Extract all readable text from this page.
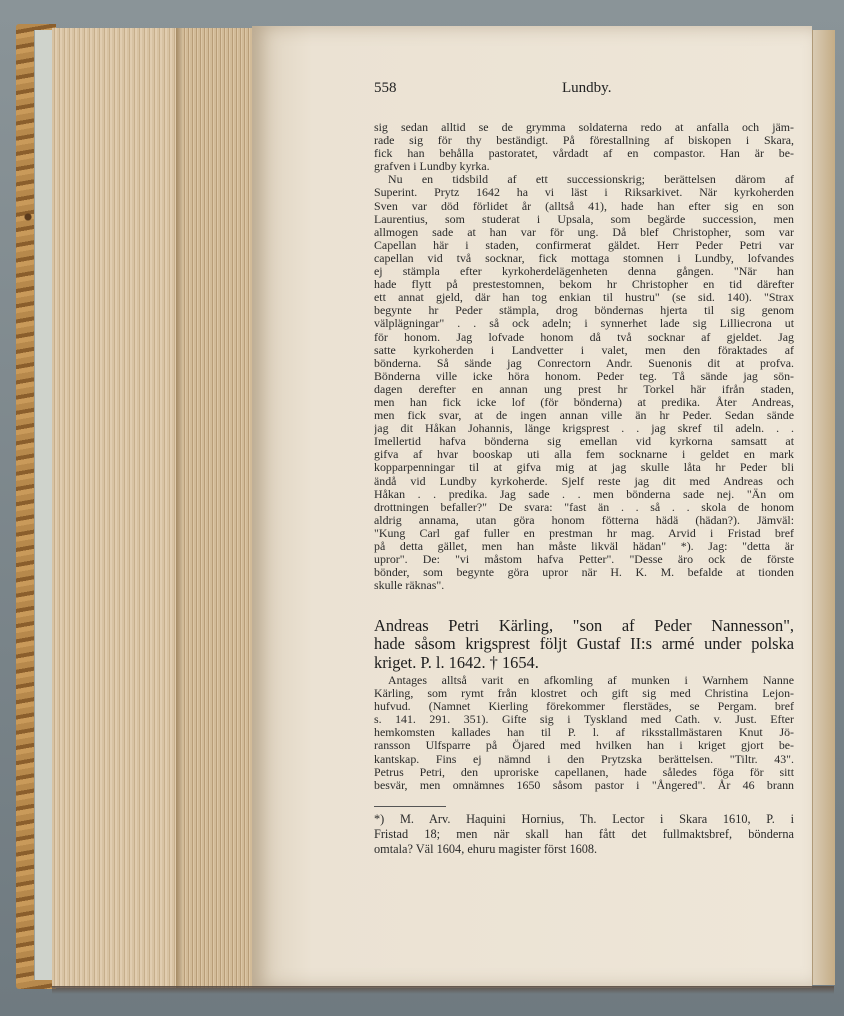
558	Lundby.
sig sedan alltid se de grymma soldaterna redo at anfalla och jäm-
rade sig för thy beständigt. På förestallning af biskopen i Skara,
fick han behålla pastoratet, vårdadt af en compastor. Han är be-
grafven i Lundby kyrka.
Nu en tidsbild af ett successionskrig; berättelsen därom af
Superint. Prytz 1642 ha vi läst i Riksarkivet. När kyrkoherden
Sven var död förlidet år (alltså 41), hade han efter sig en son
Laurentius, som studerat i Upsala, som begärde succession, men
allmogen sade at han var för ung. Då blef Christopher, som var
Capellan här i staden, confirmerat gäldet. Herr Peder Petri var
capellan vid två socknar, fick mottaga stomnen i Lundby, lofvandes
ej stämpla efter kyrkoherdelägenheten denna gången. "När han
hade flytt på prestestomnen, bekom hr Christopher en tid därefter
ett annat gjeld, där han tog enkian til hustru" (se sid. 140). "Strax
begynte hr Peder stämpla, drog böndernas hjerta til sig genom
välplägningar" . . så ock adeln; i synnerhet lade sig Lilliecrona ut
för honom. Jag lofvade honom då två socknar af gjeldet. Jag
satte kyrkoherden i Landvetter i valet, men den föraktades af
bönderna. Så sände jag Conrectorn Andr. Suenonis dit at profva.
Bönderna ville icke höra honom. Peder teg. Tå sände jag sön-
dagen derefter en annan ung prest hr Torkel här ifrån staden,
men han fick icke lof (för bönderna) at predika. Åter Andreas,
men fick svar, at de ingen annan ville än hr Peder. Sedan sände
jag dit Håkan Johannis, länge krigsprest . . jag skref til adeln. . .
Imellertid hafva bönderna sig emellan vid kyrkorna samsatt at
gifva af hvar booskap uti alla fem socknarne i geldet en mark
kopparpenningar til at gifva mig at jag skulle låta hr Peder bli
ändå vid Lundby kyrkoherde. Sjelf reste jag dit med Andreas och
Håkan . . predika. Jag sade . . men bönderna sade nej. "Än om
drottningen befaller?" De svara: "fast än . . så . . skola de honom
aldrig annama, utan göra honom fötterna hädä (hädan?). Jämväl:
"Kung Carl gaf fuller en prestman hr mag. Arvid i Fristad bref
på detta gället, men han måste likväl hädan" *). Jag: "detta är
upror". De: "vi måstom hafva Petter". "Desse äro ock de förste
bönder, som begynte göra upror när H. K. M. befalde at tionden
skulle räknas".
Andreas Petri Kärling, "son af Peder Nannesson",
hade såsom krigsprest följt Gustaf II:s armé under polska
kriget. P. l. 1642. † 1654.
Antages alltså varit en afkomling af munken i Warnhem Nanne
Kärling, som rymt från klostret och gift sig med Christina Lejon-
hufvud. (Namnet Kierling förekommer flerstädes, se Pergam. bref
s. 141. 291. 351). Gifte sig i Tyskland med Cath. v. Just. Efter
hemkomsten kallades han til P. l. af riksstallmästaren Knut Jö-
ransson Ulfsparre på Öjared med hvilken han i kriget gjort be-
kantskap. Fins ej nämnd i den Prytzska berättelsen. "Tiltr. 43".
Petrus Petri, den uproriske capellanen, hade således föga för sitt
besvär, men omnämnes 1650 såsom pastor i "Ångered". År 46 brann
*) M. Arv. Haquini Hornius, Th. Lector i Skara 1610, P. i
Fristad 18; men när skall han fått det fullmaktsbref, bönderna
omtala? Väl 1604, ehuru magister först 1608.
